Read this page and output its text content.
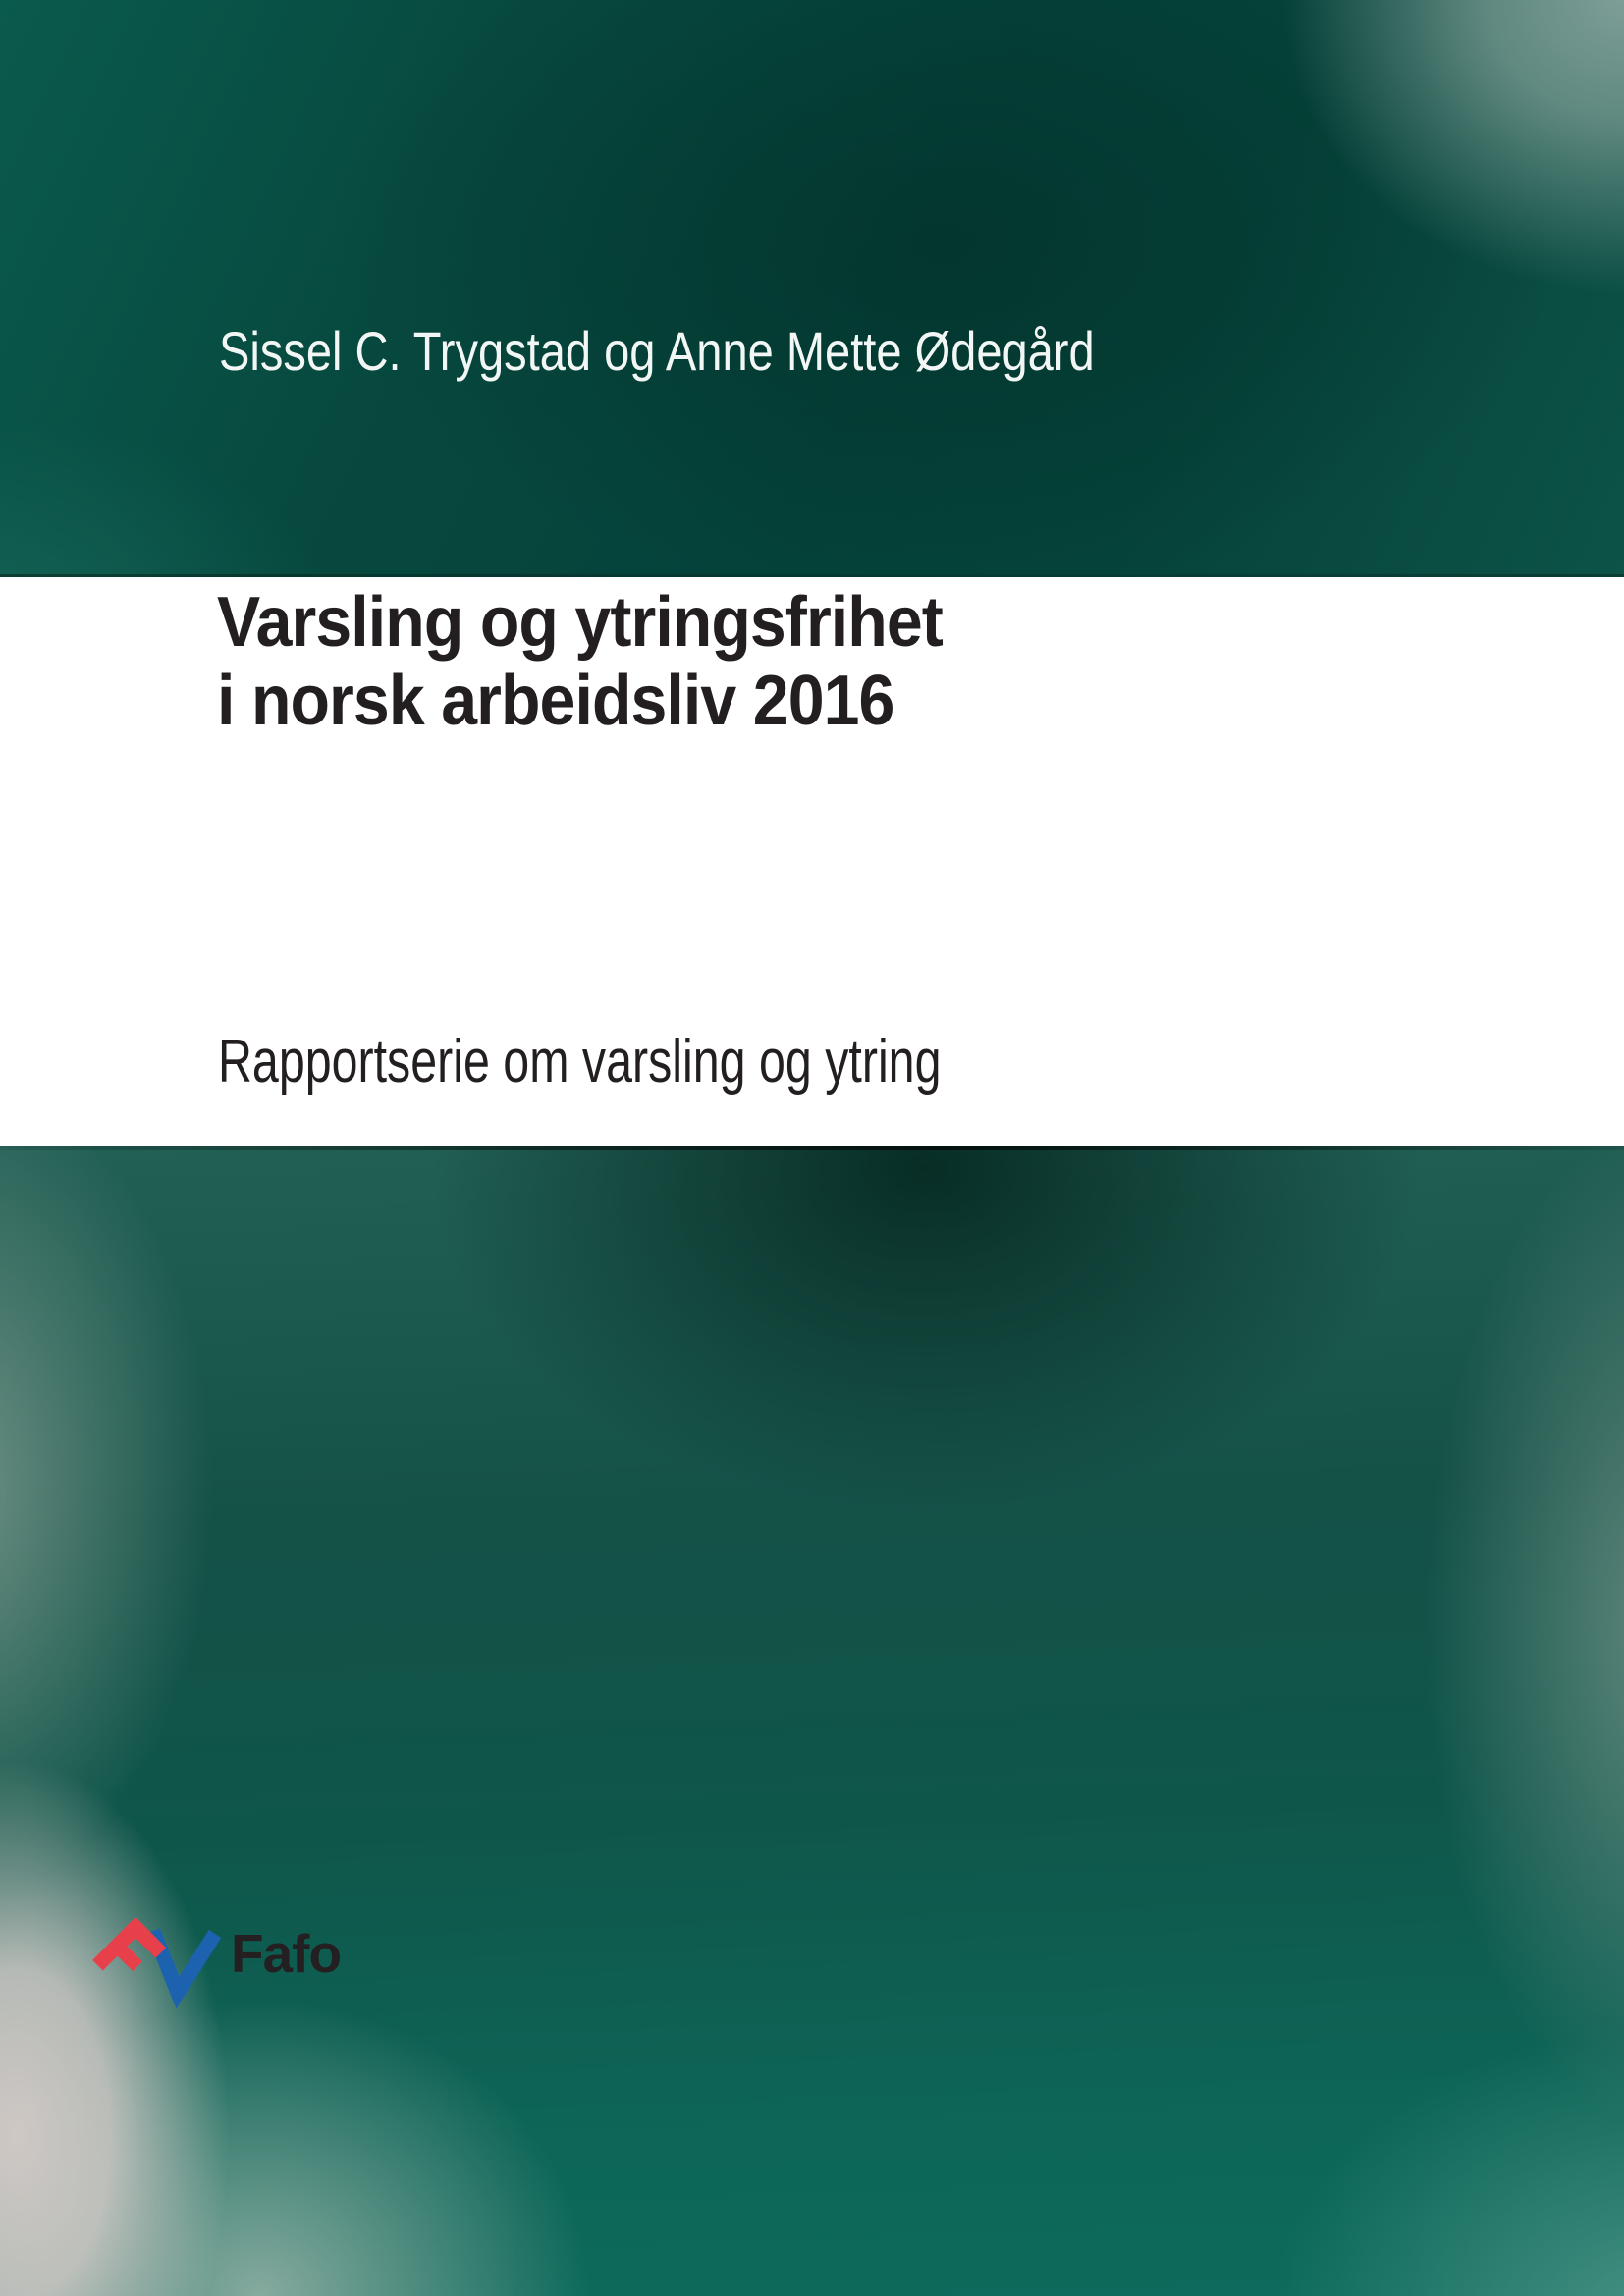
Sissel C. Trygstad og Anne Mette Ødegård
Varsling og ytringsfrihet
i norsk arbeidsliv 2016

Rapportserie om varsling og ytring

Fafo
